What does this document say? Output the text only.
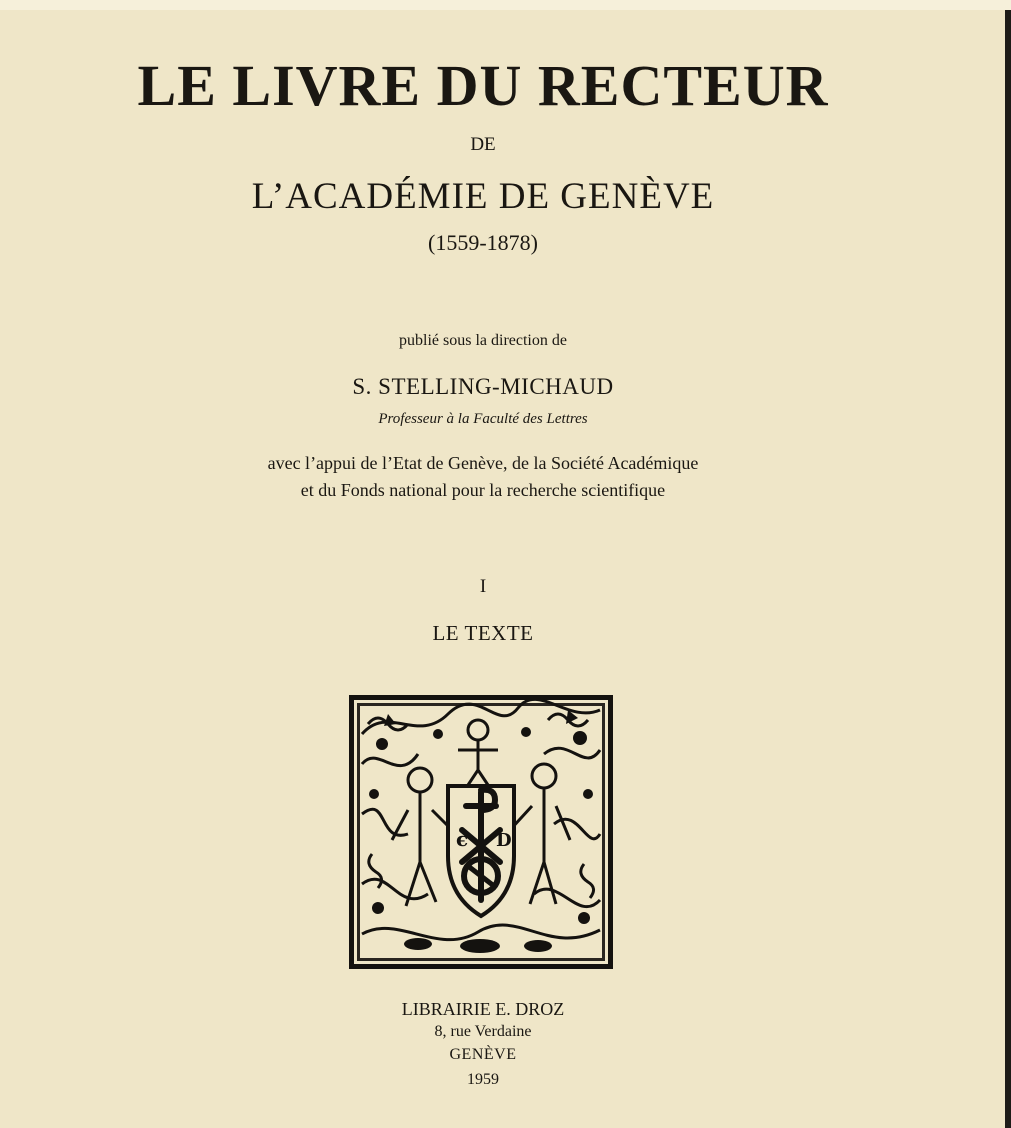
LE LIVRE DU RECTEUR
DE
L’ACADÉMIE DE GENÈVE
(1559-1878)
publié sous la direction de
S. STELLING-MICHAUD
Professeur à la Faculté des Lettres
avec l’appui de l’Etat de Genève, de la Société Académique
et du Fonds national pour la recherche scientifique
I
LE TEXTE
ϵ D
LIBRAIRIE E. DROZ
8, rue Verdaine
GENÈVE
1959
